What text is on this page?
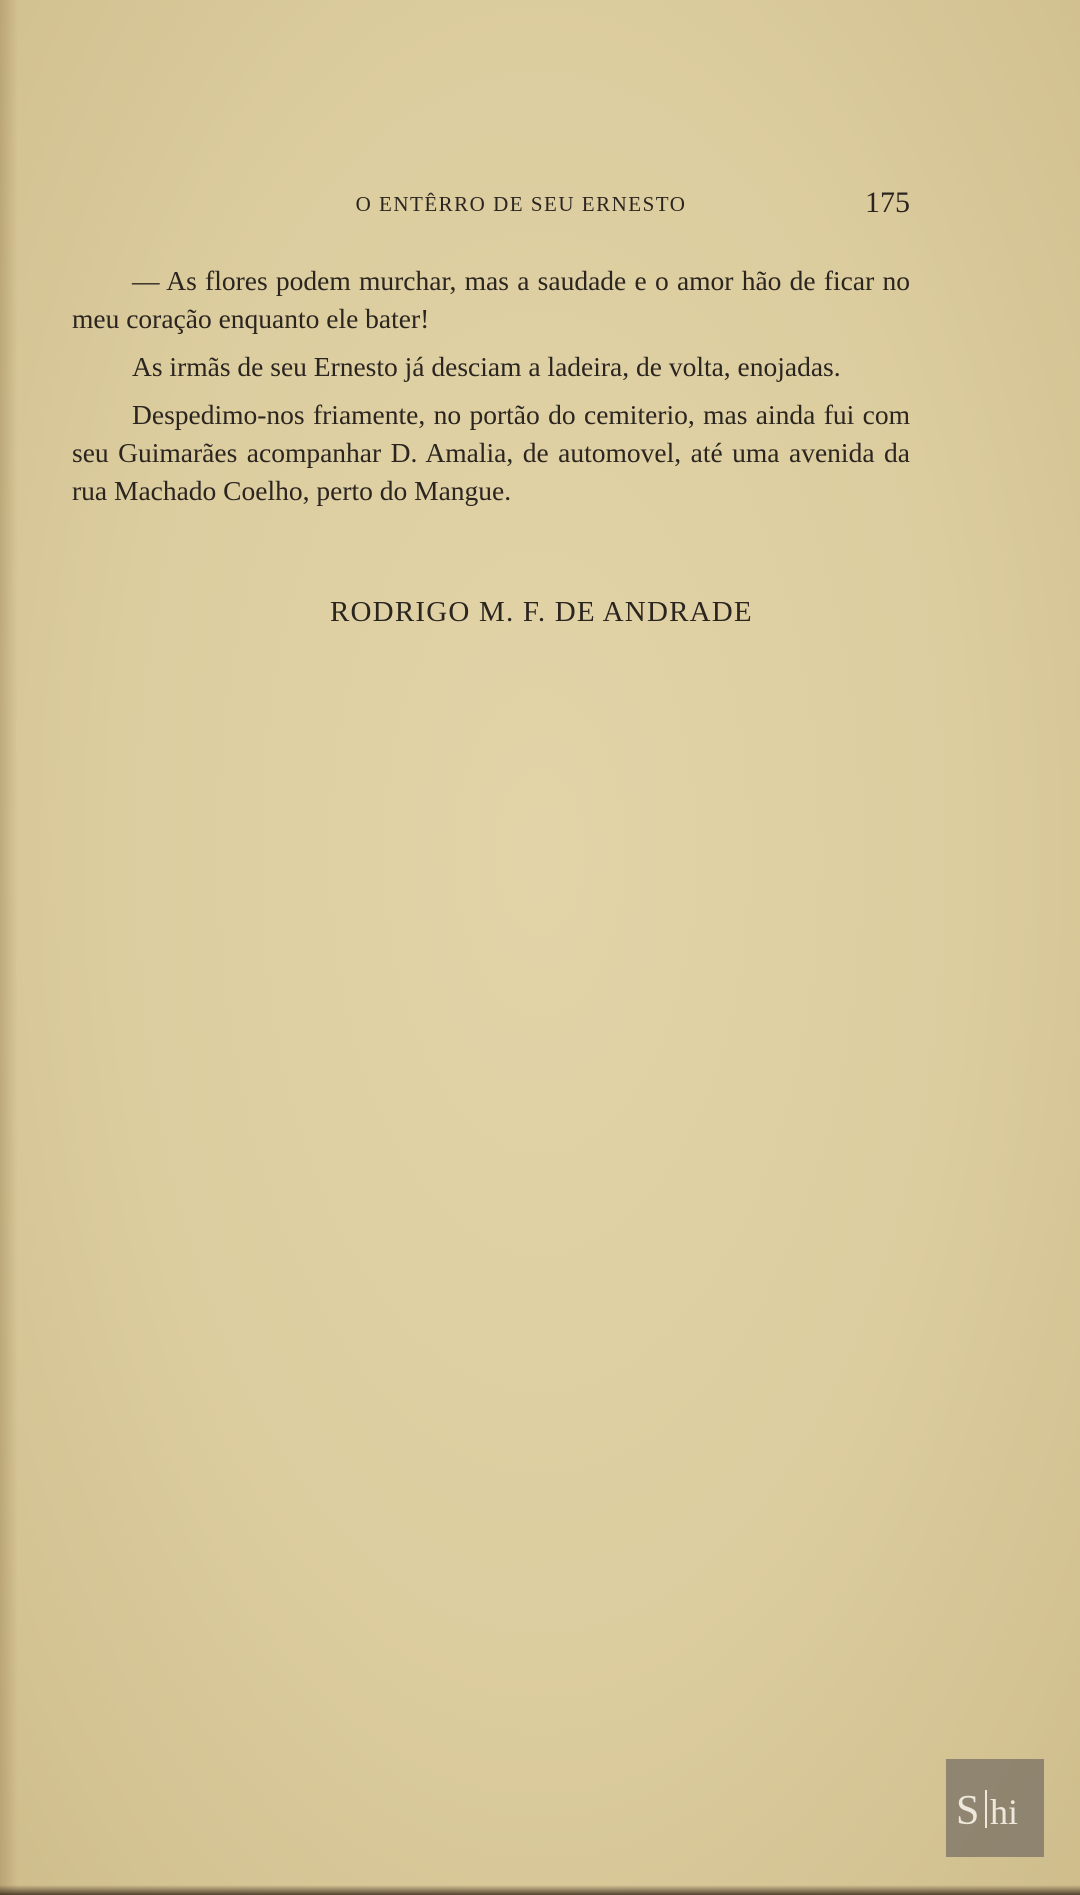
O ENTÊRRO DE SEU ERNESTO	175

— As flores podem murchar, mas a saudade e o amor hão de ficar no meu coração enquanto ele bater!

As irmãs de seu Ernesto já desciam a ladeira, de volta, enojadas.

Despedimo-nos friamente, no portão do cemiterio, mas ainda fui com seu Guimarães acompanhar D. Amalia, de automovel, até uma avenida da rua Machado Coelho, perto do Mangue.

RODRIGO M. F. DE ANDRADE
S hi
